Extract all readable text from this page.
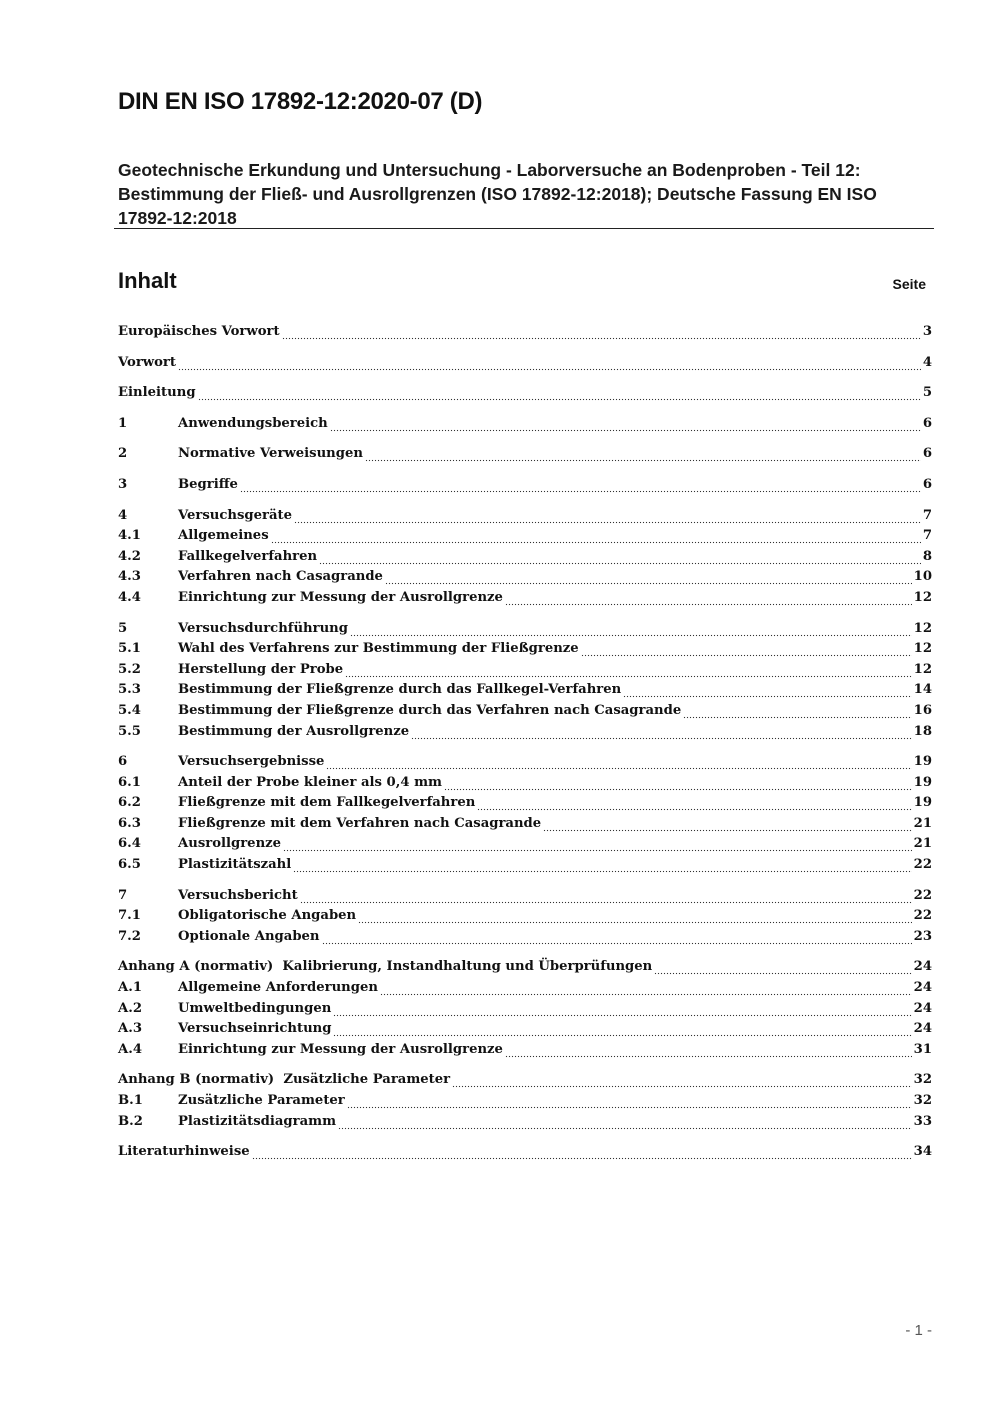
DIN EN ISO 17892-12:2020-07 (D)

Geotechnische Erkundung und Untersuchung - Laborversuche an Bodenproben - Teil 12: Bestimmung der Fließ- und Ausrollgrenzen (ISO 17892-12:2018); Deutsche Fassung EN ISO 17892-12:2018

Inhalt	Seite
Europäisches Vorwort	3
Vorwort	4
Einleitung	5
1	Anwendungsbereich	6
2	Normative Verweisungen	6
3	Begriffe	6
4	Versuchsgeräte	7
4.1	Allgemeines	7
4.2	Fallkegelverfahren	8
4.3	Verfahren nach Casagrande	10
4.4	Einrichtung zur Messung der Ausrollgrenze	12
5	Versuchsdurchführung	12
5.1	Wahl des Verfahrens zur Bestimmung der Fließgrenze	12
5.2	Herstellung der Probe	12
5.3	Bestimmung der Fließgrenze durch das Fallkegel-Verfahren	14
5.4	Bestimmung der Fließgrenze durch das Verfahren nach Casagrande	16
5.5	Bestimmung der Ausrollgrenze	18
6	Versuchsergebnisse	19
6.1	Anteil der Probe kleiner als 0,4 mm	19
6.2	Fließgrenze mit dem Fallkegelverfahren	19
6.3	Fließgrenze mit dem Verfahren nach Casagrande	21
6.4	Ausrollgrenze	21
6.5	Plastizitätszahl	22
7	Versuchsbericht	22
7.1	Obligatorische Angaben	22
7.2	Optionale Angaben	23
Anhang A (normativ)  Kalibrierung, Instandhaltung und Überprüfungen	24
A.1	Allgemeine Anforderungen	24
A.2	Umweltbedingungen	24
A.3	Versuchseinrichtung	24
A.4	Einrichtung zur Messung der Ausrollgrenze	31
Anhang B (normativ)  Zusätzliche Parameter	32
B.1	Zusätzliche Parameter	32
B.2	Plastizitätsdiagramm	33
Literaturhinweise	34
- 1 -
